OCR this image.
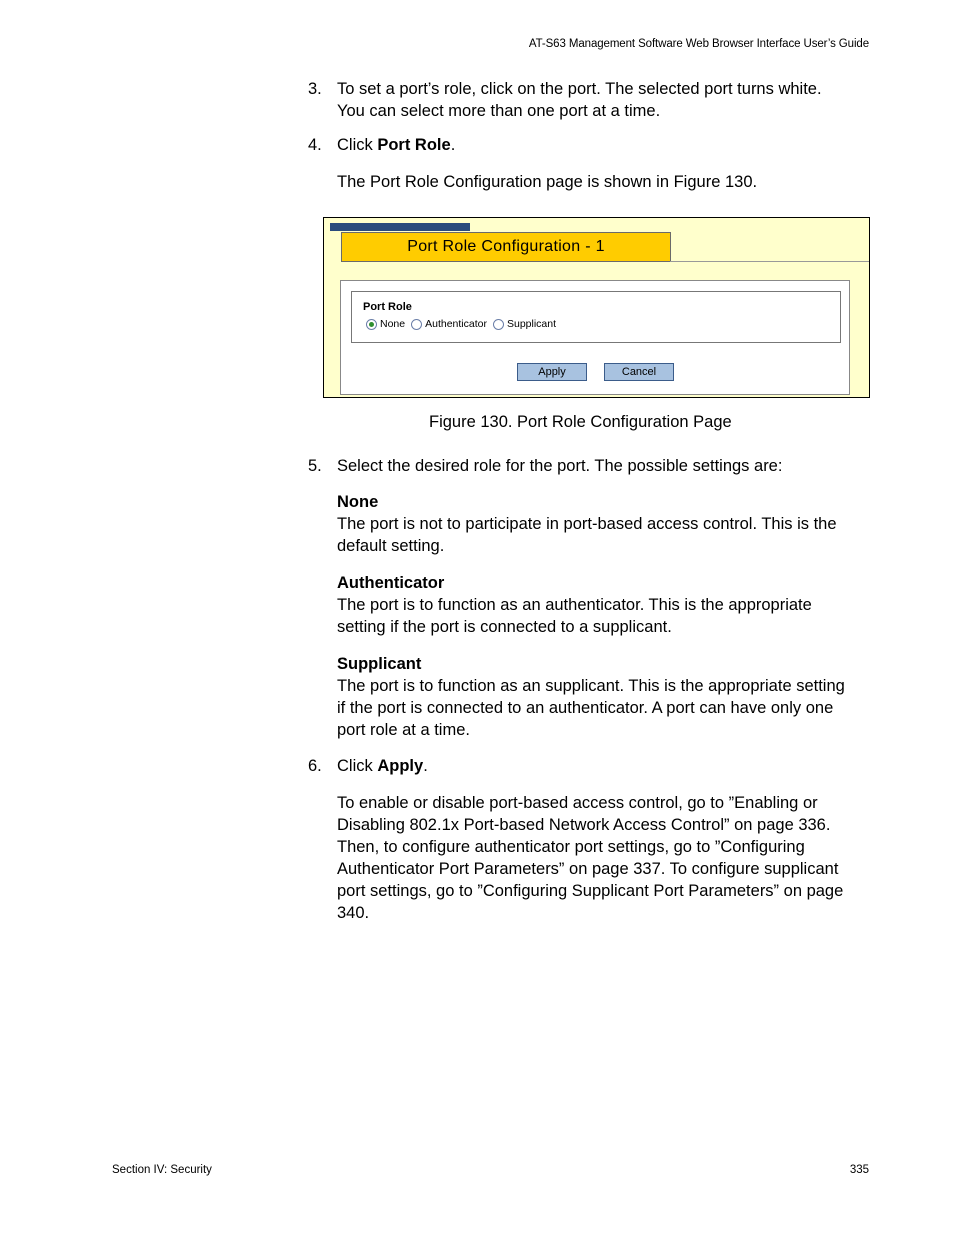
AT-S63 Management Software Web Browser Interface User’s Guide
3. To set a port’s role, click on the port. The selected port turns white. You can select more than one port at a time.
4. Click Port Role.
The Port Role Configuration page is shown in Figure 130.
Port Role Configuration - 1
Port Role
None Authenticator Supplicant
Apply	Cancel
Figure 130. Port Role Configuration Page
5. Select the desired role for the port. The possible settings are:
None
The port is not to participate in port-based access control. This is the default setting.
Authenticator
The port is to function as an authenticator. This is the appropriate setting if the port is connected to a supplicant.
Supplicant
The port is to function as an supplicant. This is the appropriate setting if the port is connected to an authenticator. A port can have only one port role at a time.
6. Click Apply.
To enable or disable port-based access control, go to ”Enabling or Disabling 802.1x Port-based Network Access Control” on page 336. Then, to configure authenticator port settings, go to ”Configuring Authenticator Port Parameters” on page 337. To configure supplicant port settings, go to ”Configuring Supplicant Port Parameters” on page 340.
Section IV: Security	335
